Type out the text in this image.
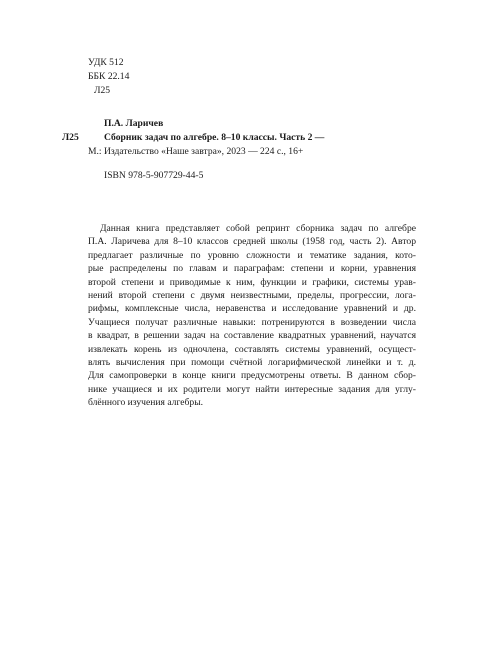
УДК 512
ББК 22.14
Л25
П.А. Ларичев
Л25	Сборник задач по алгебре. 8–10 классы. Часть 2 —
М.: Издательство «Наше завтра», 2023 — 224 с., 16+
ISBN 978-5-907729-44-5
Данная книга представляет собой репринт сборника задач по алгебре
П.А. Ларичева для 8–10 классов средней школы (1958 год, часть 2). Автор
предлагает различные по уровню сложности и тематике задания, кото-
рые распределены по главам и параграфам: степени и корни, уравнения
второй степени и приводимые к ним, функции и графики, системы урав-
нений второй степени с двумя неизвестными, пределы, прогрессии, лога-
рифмы, комплексные числа, неравенства и исследование уравнений и др.
Учащиеся получат различные навыки: потренируются в возведении числа
в квадрат, в решении задач на составление квадратных уравнений, научатся
извлекать корень из одночлена, составлять системы уравнений, осущест-
влять вычисления при помощи счётной логарифмической линейки и т. д.
Для самопроверки в конце книги предусмотрены ответы. В данном сбор-
нике учащиеся и их родители могут найти интересные задания для углу-
блённого изучения алгебры.
